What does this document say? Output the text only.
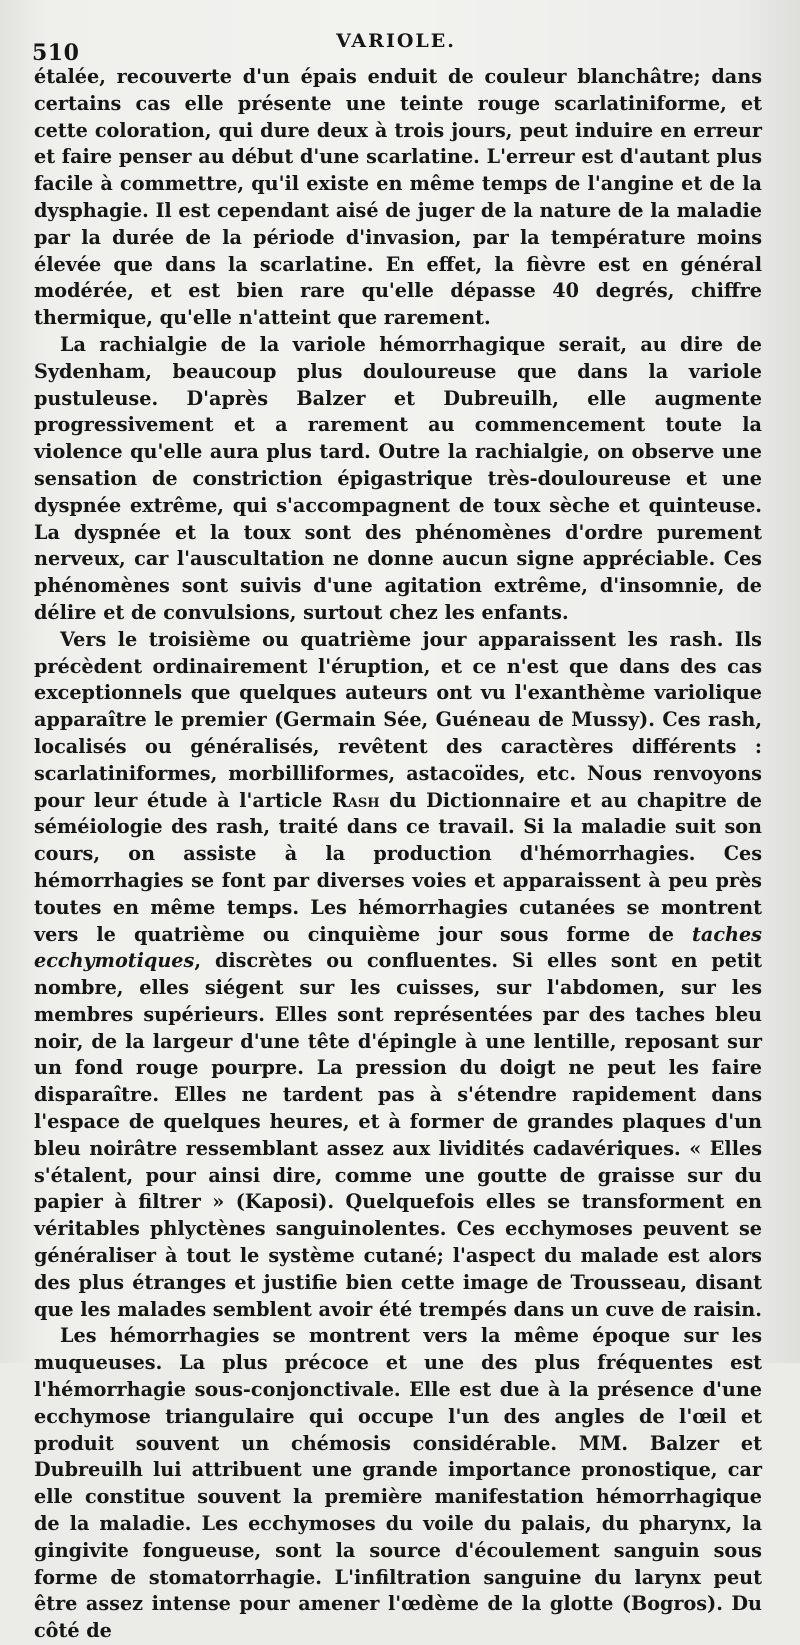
510	VARIOLE.

étalée, recouverte d'un épais enduit de couleur blanchâtre; dans certains cas elle présente une teinte rouge scarlatiniforme, et cette coloration, qui dure deux à trois jours, peut induire en erreur et faire penser au début d'une scarlatine. L'erreur est d'autant plus facile à commettre, qu'il existe en même temps de l'angine et de la dysphagie. Il est cependant aisé de juger de la nature de la maladie par la durée de la période d'invasion, par la température moins élevée que dans la scarlatine. En effet, la fièvre est en général modérée, et est bien rare qu'elle dépasse 40 degrés, chiffre thermique, qu'elle n'atteint que rarement.

La rachialgie de la variole hémorrhagique serait, au dire de Sydenham, beaucoup plus douloureuse que dans la variole pustuleuse. D'après Balzer et Dubreuilh, elle augmente progressivement et a rarement au commencement toute la violence qu'elle aura plus tard. Outre la rachialgie, on observe une sensation de constriction épigastrique très-douloureuse et une dyspnée extrême, qui s'accompagnent de toux sèche et quinteuse. La dyspnée et la toux sont des phénomènes d'ordre purement nerveux, car l'auscultation ne donne aucun signe appréciable. Ces phénomènes sont suivis d'une agitation extrême, d'insomnie, de délire et de convulsions, surtout chez les enfants.

Vers le troisième ou quatrième jour apparaissent les rash. Ils précèdent ordinairement l'éruption, et ce n'est que dans des cas exceptionnels que quelques auteurs ont vu l'exanthème variolique apparaître le premier (Germain Sée, Guéneau de Mussy). Ces rash, localisés ou généralisés, revêtent des caractères différents : scarlatiniformes, morbilliformes, astacoïdes, etc. Nous renvoyons pour leur étude à l'article Rash du Dictionnaire et au chapitre de séméiologie des rash, traité dans ce travail. Si la maladie suit son cours, on assiste à la production d'hémorrhagies. Ces hémorrhagies se font par diverses voies et apparaissent à peu près toutes en même temps. Les hémorrhagies cutanées se montrent vers le quatrième ou cinquième jour sous forme de taches ecchymotiques, discrètes ou confluentes. Si elles sont en petit nombre, elles siégent sur les cuisses, sur l'abdomen, sur les membres supérieurs. Elles sont représentées par des taches bleu noir, de la largeur d'une tête d'épingle à une lentille, reposant sur un fond rouge pourpre. La pression du doigt ne peut les faire disparaître. Elles ne tardent pas à s'étendre rapidement dans l'espace de quelques heures, et à former de grandes plaques d'un bleu noirâtre ressemblant assez aux lividités cadavériques. « Elles s'étalent, pour ainsi dire, comme une goutte de graisse sur du papier à filtrer » (Kaposi). Quelquefois elles se transforment en véritables phlyctènes sanguinolentes. Ces ecchymoses peuvent se généraliser à tout le système cutané; l'aspect du malade est alors des plus étranges et justifie bien cette image de Trousseau, disant que les malades semblent avoir été trempés dans un cuve de raisin.

Les hémorrhagies se montrent vers la même époque sur les muqueuses. La plus précoce et une des plus fréquentes est l'hémorrhagie sous-conjonctivale. Elle est due à la présence d'une ecchymose triangulaire qui occupe l'un des angles de l'œil et produit souvent un chémosis considérable. MM. Balzer et Dubreuilh lui attribuent une grande importance pronostique, car elle constitue souvent la première manifestation hémorrhagique de la maladie. Les ecchymoses du voile du palais, du pharynx, la gingivite fongueuse, sont la source d'écoulement sanguin sous forme de stomatorrhagie. L'infiltration sanguine du larynx peut être assez intense pour amener l'œdème de la glotte (Bogros). Du côté de
